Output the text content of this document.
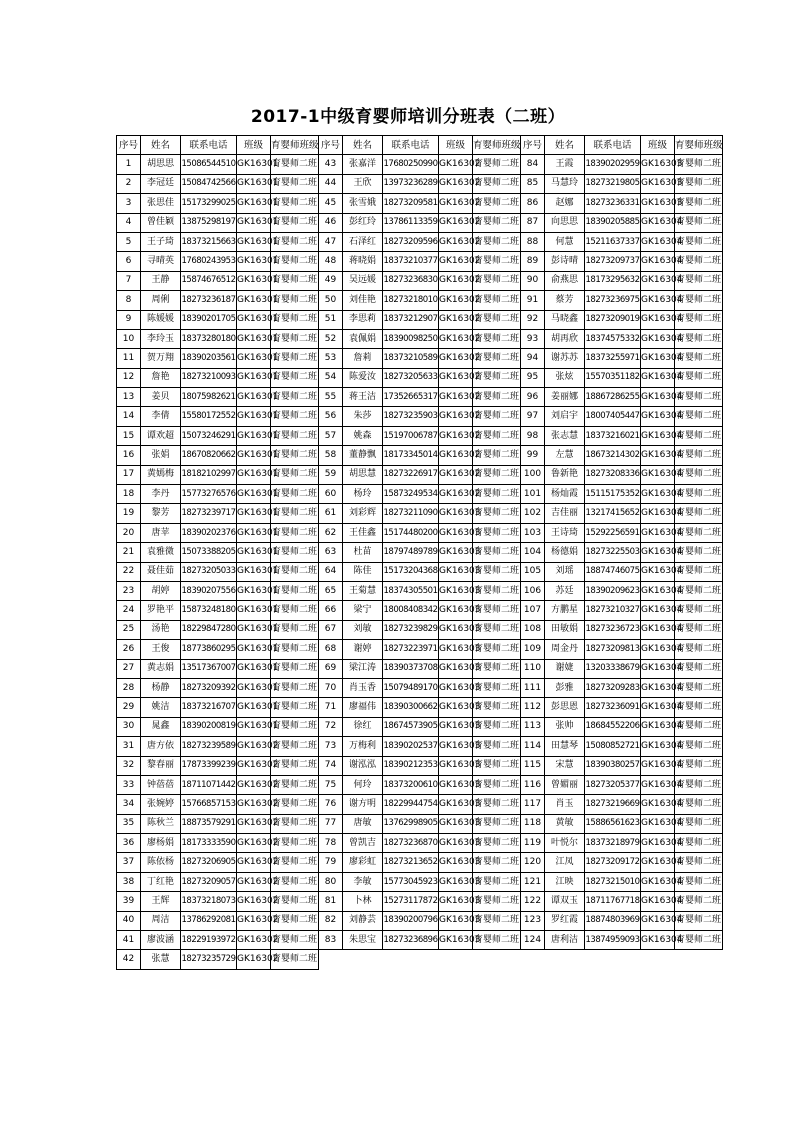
2017-1中级育婴师培训分班表（二班）
序号	姓名	联系电话	班级	育婴师班级	序号	姓名	联系电话	班级	育婴师班级	序号	姓名	联系电话	班级	育婴师班级
1	胡思思	15086544510	GK16301	育婴师二班	43	张嘉洋	17680250990	GK16302	育婴师二班	84	王霞	18390202959	GK16303	育婴师二班
2	李冠廷	15084742566	GK16301	育婴师二班	44	王欣	13973236289	GK16302	育婴师二班	85	马慧玲	18273219805	GK16303	育婴师二班
3	张思佳	15173299025	GK16301	育婴师二班	45	张雪娥	18273209581	GK16302	育婴师二班	86	赵娜	18273236331	GK16303	育婴师二班
4	曾佳颖	13875298197	GK16301	育婴师二班	46	彭红玲	13786113359	GK16302	育婴师二班	87	向思思	18390205885	GK16304	育婴师二班
5	王子琦	18373215663	GK16301	育婴师二班	47	石泽红	18273209596	GK16302	育婴师二班	88	何慧	15211637337	GK16304	育婴师二班
6	寻晴英	17680243953	GK16301	育婴师二班	48	蒋晓娟	18373210377	GK16302	育婴师二班	89	彭诗晴	18273209737	GK16304	育婴师二班
7	王静	15874676512	GK16301	育婴师二班	49	吴远媛	18273236830	GK16302	育婴师二班	90	俞燕思	18173295632	GK16304	育婴师二班
8	周俐	18273236187	GK16301	育婴师二班	50	刘佳艳	18273218010	GK16302	育婴师二班	91	蔡芳	18273236975	GK16304	育婴师二班
9	陈媛媛	18390201705	GK16301	育婴师二班	51	李思莉	18373212907	GK16302	育婴师二班	92	马晓鑫	18273209019	GK16304	育婴师二班
10	李玲玉	18373280180	GK16301	育婴师二班	52	袁佩娟	18390098250	GK16302	育婴师二班	93	胡再欣	18374575332	GK16304	育婴师二班
11	贺万翔	18390203561	GK16301	育婴师二班	53	詹莉	18373210589	GK16302	育婴师二班	94	谢苏苏	18373255971	GK16304	育婴师二班
12	詹艳	18273210093	GK16301	育婴师二班	54	陈爱汝	18273205633	GK16302	育婴师二班	95	张炫	15570351182	GK16304	育婴师二班
13	姜贝	18075982621	GK16301	育婴师二班	55	蒋王洁	17352665317	GK16302	育婴师二班	96	姜丽娜	18867286255	GK16304	育婴师二班
14	李倩	15580172552	GK16301	育婴师二班	56	朱莎	18273235903	GK16302	育婴师二班	97	刘启宇	18007405447	GK16304	育婴师二班
15	谭欢超	15073246291	GK16301	育婴师二班	57	姚森	15197006787	GK16302	育婴师二班	98	张志慧	18373216021	GK16304	育婴师二班
16	张娟	18670820662	GK16301	育婴师二班	58	董静飘	18173345014	GK16302	育婴师二班	99	左慧	18673214302	GK16304	育婴师二班
17	黄嫣梅	18182102997	GK16301	育婴师二班	59	胡思慧	18273226917	GK16302	育婴师二班	100	鲁新艳	18273208336	GK16304	育婴师二班
18	李丹	15773276576	GK16301	育婴师二班	60	杨玲	15873249534	GK16302	育婴师二班	101	杨灿霞	15115175352	GK16304	育婴师二班
19	黎芳	18273239717	GK16301	育婴师二班	61	刘彩辉	18273211090	GK16303	育婴师二班	102	吉佳丽	13217415652	GK16304	育婴师二班
20	唐苹	18390202376	GK16301	育婴师二班	62	王佳鑫	15174480200	GK16303	育婴师二班	103	王诗琦	15292256591	GK16304	育婴师二班
21	袁雅微	15073388205	GK16301	育婴师二班	63	杜苗	18797489789	GK16303	育婴师二班	104	杨德娟	18273225503	GK16304	育婴师二班
22	聂佳茹	18273205033	GK16301	育婴师二班	64	陈佳	15173204368	GK16303	育婴师二班	105	刘瑶	18874746075	GK16304	育婴师二班
23	胡婷	18390207556	GK16301	育婴师二班	65	王菊慧	18374305501	GK16303	育婴师二班	106	苏廷	18390209623	GK16304	育婴师二班
24	罗艳平	15873248180	GK16301	育婴师二班	66	梁宁	18008408342	GK16303	育婴师二班	107	方鹏星	18273210327	GK16304	育婴师二班
25	汤艳	18229847280	GK16301	育婴师二班	67	刘敏	18273239829	GK16303	育婴师二班	108	田敏娟	18273236723	GK16304	育婴师二班
26	王俊	18773860295	GK16301	育婴师二班	68	谢婷	18273223971	GK16303	育婴师二班	109	周金丹	18273209813	GK16304	育婴师二班
27	黄志娟	13517367007	GK16301	育婴师二班	69	梁江涛	18390373708	GK16303	育婴师二班	110	谢婕	13203338679	GK16304	育婴师二班
28	杨静	18273209392	GK16301	育婴师二班	70	肖玉香	15079489170	GK16303	育婴师二班	111	彭雅	18273209283	GK16304	育婴师二班
29	姚洁	18373216707	GK16301	育婴师二班	71	廖福伟	18390300662	GK16303	育婴师二班	112	彭思恩	18273236091	GK16304	育婴师二班
30	晁鑫	18390200819	GK16301	育婴师二班	72	徐红	18674573905	GK16303	育婴师二班	113	张帅	18684552206	GK16304	育婴师二班
31	唐方依	18273239589	GK16302	育婴师二班	73	万梅利	18390202537	GK16303	育婴师二班	114	田慧琴	15080852721	GK16304	育婴师二班
32	黎春丽	17873399239	GK16302	育婴师二班	74	谢泓泓	18390212353	GK16303	育婴师二班	115	宋慧	18390380257	GK16304	育婴师二班
33	钟蓓蓓	18711071442	GK16302	育婴师二班	75	何玲	18373200610	GK16303	育婴师二班	116	曾媚丽	18273205377	GK16304	育婴师二班
34	张婉婷	15766857153	GK16302	育婴师二班	76	谢方明	18229944754	GK16303	育婴师二班	117	肖玉	18273219669	GK16304	育婴师二班
35	陈秋兰	18873579291	GK16302	育婴师二班	77	唐敏	13762998905	GK16303	育婴师二班	118	黄敏	15886561623	GK16304	育婴师二班
36	廖杨娟	18173333590	GK16302	育婴师二班	78	曾凯吉	18273236870	GK16303	育婴师二班	119	叶悦尔	18373218979	GK16304	育婴师二班
37	陈依杨	18273206905	GK16302	育婴师二班	79	廖彩虹	18273213652	GK16303	育婴师二班	120	江凤	18273209172	GK16304	育婴师二班
38	丁红艳	18273209057	GK16302	育婴师二班	80	李敏	15773045923	GK16303	育婴师二班	121	江映	18273215010	GK16304	育婴师二班
39	王辉	18373218073	GK16302	育婴师二班	81	卜林	15273117872	GK16303	育婴师二班	122	谭双玉	18711767718	GK16304	育婴师二班
40	周洁	13786292081	GK16302	育婴师二班	82	刘静芸	18390200796	GK16303	育婴师二班	123	罗红霞	18874803969	GK16304	育婴师二班
41	廖波涵	18229193972	GK16302	育婴师二班	83	朱思宝	18273236896	GK16303	育婴师二班	124	唐利洁	13874959093	GK16304	育婴师二班
42	张慧	18273235729	GK16302	育婴师二班										
